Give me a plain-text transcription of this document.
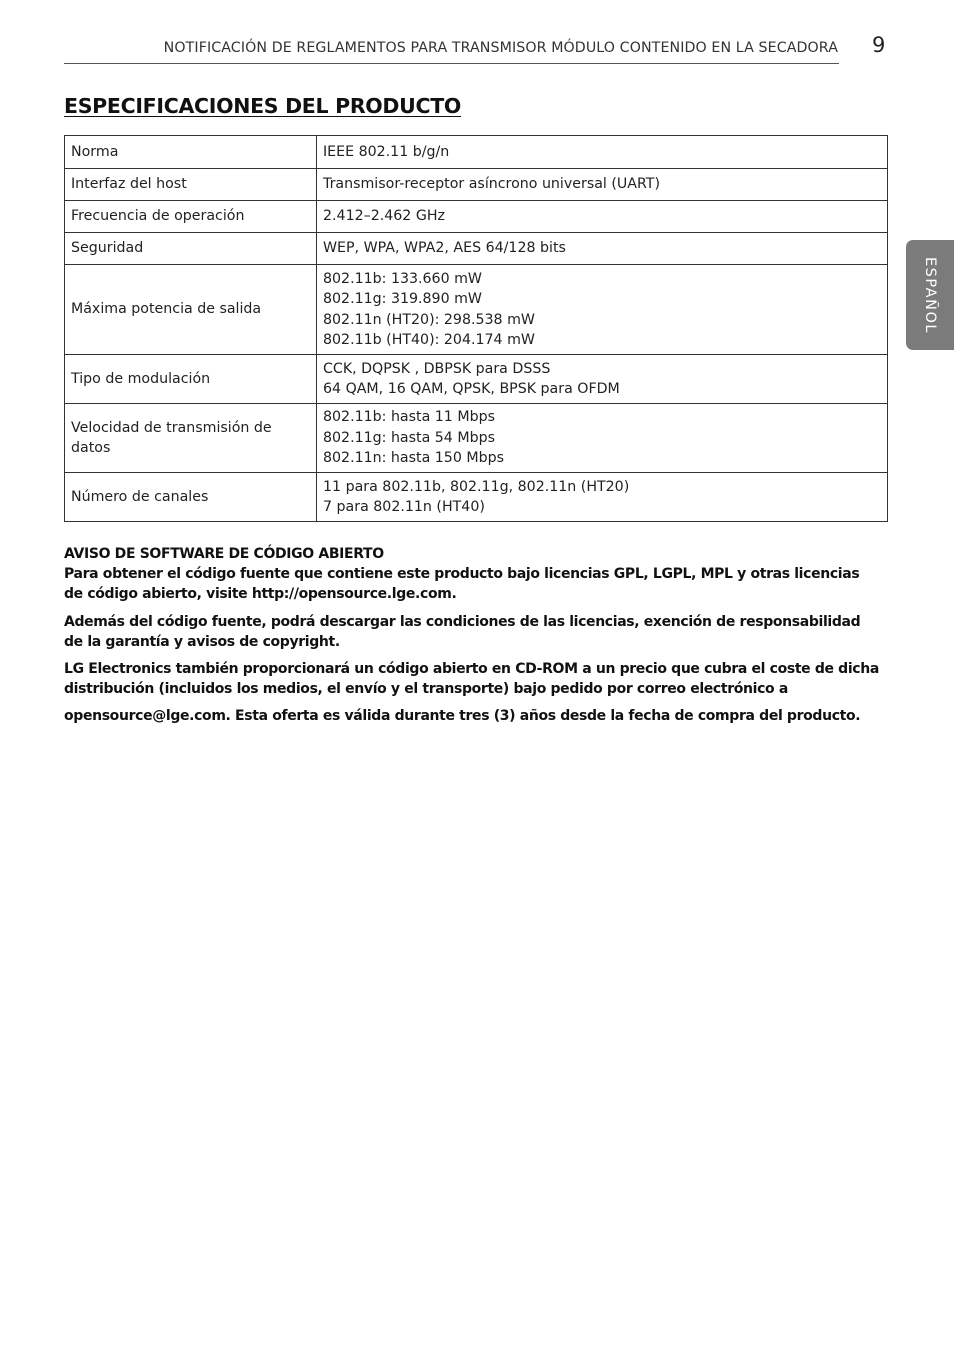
NOTIFICACIÓN DE REGLAMENTOS PARA TRANSMISOR MÓDULO CONTENIDO EN LA SECADORA 9
ESPAÑOL
ESPECIFICACIONES DEL PRODUCTO
Norma	IEEE 802.11 b/g/n

Interfaz del host	Transmisor-receptor asíncrono universal (UART)

Frecuencia de operación	2.412–2.462 GHz

Seguridad	WEP, WPA, WPA2, AES 64/128 bits

Máxima potencia de salida	802.11b: 133.660 mW
802.11g: 319.890 mW
802.11n (HT20): 298.538 mW
802.11b (HT40): 204.174 mW

Tipo de modulación	CCK, DQPSK , DBPSK para DSSS
64 QAM, 16 QAM, QPSK, BPSK para OFDM

Velocidad de transmisión de datos	802.11b: hasta 11 Mbps
802.11g: hasta 54 Mbps
802.11n: hasta 150 Mbps

Número de canales	11 para 802.11b, 802.11g, 802.11n (HT20)
7 para 802.11n (HT40)

AVISO DE SOFTWARE DE CÓDIGO ABIERTO

Para obtener el código fuente que contiene este producto bajo licencias GPL, LGPL, MPL y otras licencias de código abierto, visite http://opensource.lge.com.

Además del código fuente, podrá descargar las condiciones de las licencias, exención de responsabilidad de la garantía y avisos de copyright.

LG Electronics también proporcionará un código abierto en CD-ROM a un precio que cubra el coste de dicha distribución (incluidos los medios, el envío y el transporte) bajo pedido por correo electrónico a

opensource@lge.com. Esta oferta es válida durante tres (3) años desde la fecha de compra del producto.
